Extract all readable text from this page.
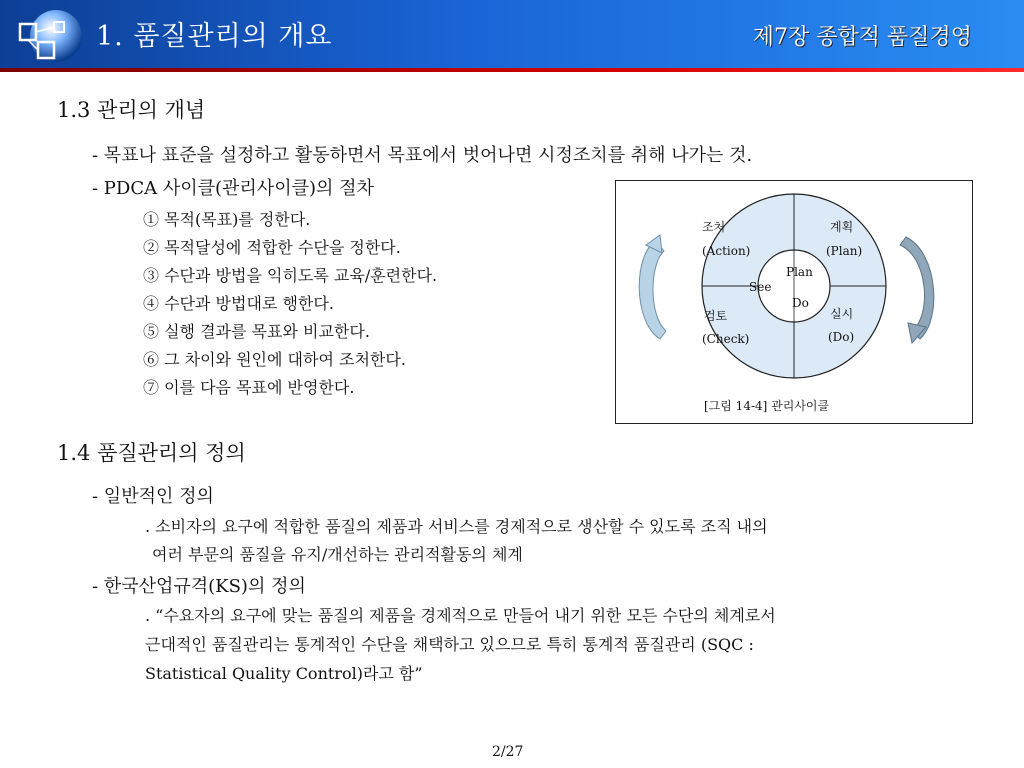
1. 품질관리의 개요	제7장 종합적 품질경영
1.3 관리의 개념
- 목표나 표준을 설정하고 활동하면서 목표에서 벗어나면 시정조치를 취해 나가는 것.
- PDCA 사이클(관리사이클)의 절차
① 목적(목표)를 정한다.
② 목적달성에 적합한 수단을 정한다.
③ 수단과 방법을 익히도록 교육/훈련한다.
④ 수단과 방법대로 행한다.
⑤ 실행 결과를 목표와 비교한다.
⑥ 그 차이와 원인에 대하여 조처한다.
⑦ 이를 다음 목표에 반영한다.
조처
(Action)
계획
(Plan)
검토
(Check)
실시
(Do)
See
Plan
Do
[그림 14-4] 관리사이클
1.4 품질관리의 정의
- 일반적인 정의
. 소비자의 요구에 적합한 품질의 제품과 서비스를 경제적으로 생산할 수 있도록 조직 내의
여러 부문의 품질을 유지/개선하는 관리적활동의 체계
- 한국산업규격(KS)의 정의
. “수요자의 요구에 맞는 품질의 제품을 경제적으로 만들어 내기 위한 모든 수단의 체계로서
근대적인 품질관리는 통계적인 수단을 채택하고 있으므로 특히 통계적 품질관리 (SQC :
Statistical Quality Control)라고 함”
2/27
